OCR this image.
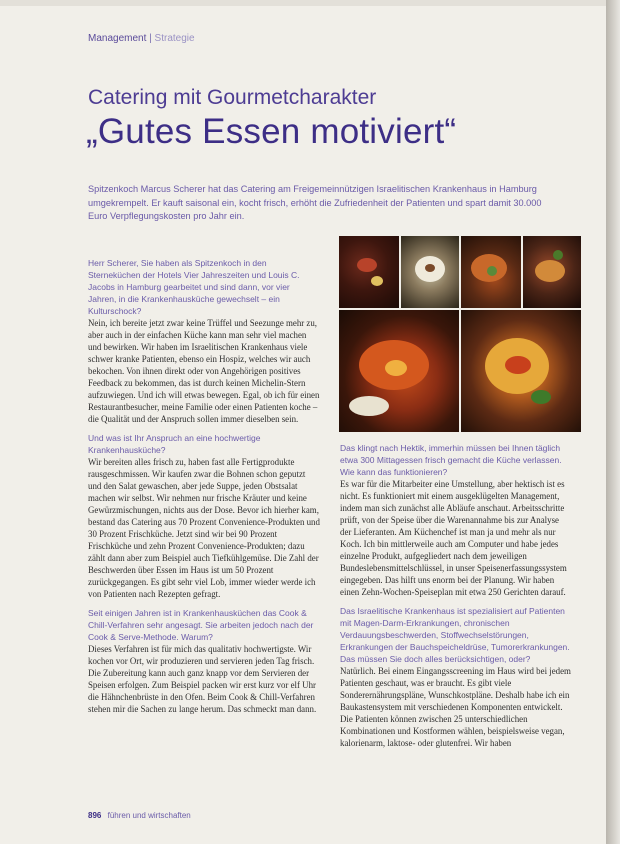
Management | Strategie
Catering mit Gourmetcharakter
„Gutes Essen motiviert“
Spitzenkoch Marcus Scherer hat das Catering am Freigemeinnützigen Israelitischen Krankenhaus in Hamburg umgekrempelt. Er kauft saisonal ein, kocht frisch, erhöht die Zufriedenheit der Patienten und spart damit 30.000 Euro Verpflegungskosten pro Jahr ein.
Herr Scherer, Sie haben als Spitzenkoch in den Sterneküchen der Hotels Vier Jahreszeiten und Louis C. Jacobs in Hamburg gearbeitet und sind dann, vor vier Jahren, in die Krankenhausküche gewechselt – ein Kulturschock?
Nein, ich bereite jetzt zwar keine Trüffel und Seezunge mehr zu, aber auch in der einfachen Küche kann man sehr viel machen und bewirken. Wir haben im Israelitischen Krankenhaus viele schwer kranke Patienten, ebenso ein Hospiz, welches wir auch bekochen. Von ihnen direkt oder von Angehörigen positives Feedback zu bekommen, das ist durch keinen Michelin-Stern aufzuwiegen. Und ich will etwas bewegen. Egal, ob ich für einen Restaurantbesucher, meine Familie oder einen Patienten koche – die Qualität und der Anspruch sollen immer dieselben sein.
Und was ist Ihr Anspruch an eine hochwertige Krankenhausküche?
Wir bereiten alles frisch zu, haben fast alle Fertigprodukte rausgeschmissen. Wir kaufen zwar die Bohnen schon geputzt und den Salat gewaschen, aber jede Suppe, jeden Obstsalat machen wir selbst. Wir nehmen nur frische Kräuter und keine Gewürzmischungen, nichts aus der Dose. Bevor ich hierher kam, bestand das Catering aus 70 Prozent Convenience-Produkten und 30 Prozent Frischküche. Jetzt sind wir bei 90 Prozent Frischküche und zehn Prozent Convenience-Produkten; dazu zählt dann aber zum Beispiel auch Tiefkühlgemüse. Die Zahl der Beschwerden über Essen im Haus ist um 50 Prozent zurückgegangen. Es gibt sehr viel Lob, immer wieder werde ich von Patienten nach Rezepten gefragt.
Seit einigen Jahren ist in Krankenhausküchen das Cook & Chill-Verfahren sehr angesagt. Sie arbeiten jedoch nach der Cook & Serve-Methode. Warum?
Dieses Verfahren ist für mich das qualitativ hochwertigste. Wir kochen vor Ort, wir produzieren und servieren jeden Tag frisch. Die Zubereitung kann auch ganz knapp vor dem Servieren der Speisen erfolgen. Zum Beispiel packen wir erst kurz vor elf Uhr die Hähnchenbrüste in den Ofen. Beim Cook & Chill-Verfahren stehen mir die Sachen zu lange herum. Das schmeckt man dann.
Das klingt nach Hektik, immerhin müssen bei Ihnen täglich etwa 300 Mittagessen frisch gemacht die Küche verlassen. Wie kann das funktionieren?
Es war für die Mitarbeiter eine Umstellung, aber hektisch ist es nicht. Es funktioniert mit einem ausgeklügelten Management, indem man sich zunächst alle Abläufe anschaut. Arbeitsschritte prüft, von der Speise über die Warenannahme bis zur Analyse der Lieferanten. Am Küchenchef ist man ja und mehr als nur Koch. Ich bin mittlerweile auch am Computer und habe jedes einzelne Produkt, aufgegliedert nach dem jeweiligen Bundeslebensmittelschlüssel, in unser Speisenerfassungssystem eingegeben. Das hilft uns enorm bei der Planung. Wir haben einen Zehn-Wochen-Speiseplan mit etwa 250 Gerichten darauf.
Das Israelitische Krankenhaus ist spezialisiert auf Patienten mit Magen-Darm-Erkrankungen, chronischen Verdauungsbeschwerden, Stoffwechselstörungen, Erkrankungen der Bauchspeicheldrüse, Tumorerkrankungen. Das müssen Sie doch alles berücksichtigen, oder?
Natürlich. Bei einem Eingangsscreening im Haus wird bei jedem Patienten geschaut, was er braucht. Es gibt viele Sonderernährungspläne, Wunschkostpläne. Deshalb habe ich ein Baukastensystem mit verschiedenen Komponenten entwickelt. Die Patienten können zwischen 25 unterschiedlichen Kombinationen und Kostformen wählen, beispielsweise vegan, kalorienarm, laktose- oder glutenfrei. Wir haben
896 führen und wirtschaften
